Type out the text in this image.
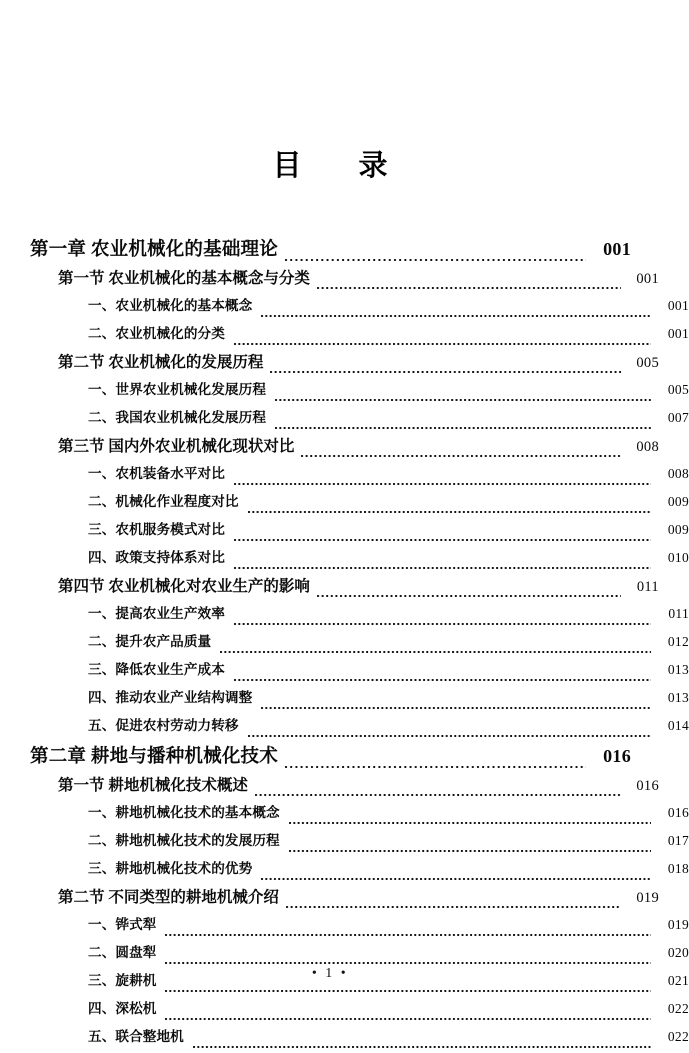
目　录
第一章 农业机械化的基础理论	001
第一节 农业机械化的基本概念与分类	001
一、农业机械化的基本概念	001
二、农业机械化的分类	001
第二节 农业机械化的发展历程	005
一、世界农业机械化发展历程	005
二、我国农业机械化发展历程	007
第三节 国内外农业机械化现状对比	008
一、农机装备水平对比	008
二、机械化作业程度对比	009
三、农机服务模式对比	009
四、政策支持体系对比	010
第四节 农业机械化对农业生产的影响	011
一、提高农业生产效率	011
二、提升农产品质量	012
三、降低农业生产成本	013
四、推动农业产业结构调整	013
五、促进农村劳动力转移	014
第二章 耕地与播种机械化技术	016
第一节 耕地机械化技术概述	016
一、耕地机械化技术的基本概念	016
二、耕地机械化技术的发展历程	017
三、耕地机械化技术的优势	018
第二节 不同类型的耕地机械介绍	019
一、铧式犁	019
二、圆盘犁	020
三、旋耕机	021
四、深松机	022
五、联合整地机	022
• 1 •
